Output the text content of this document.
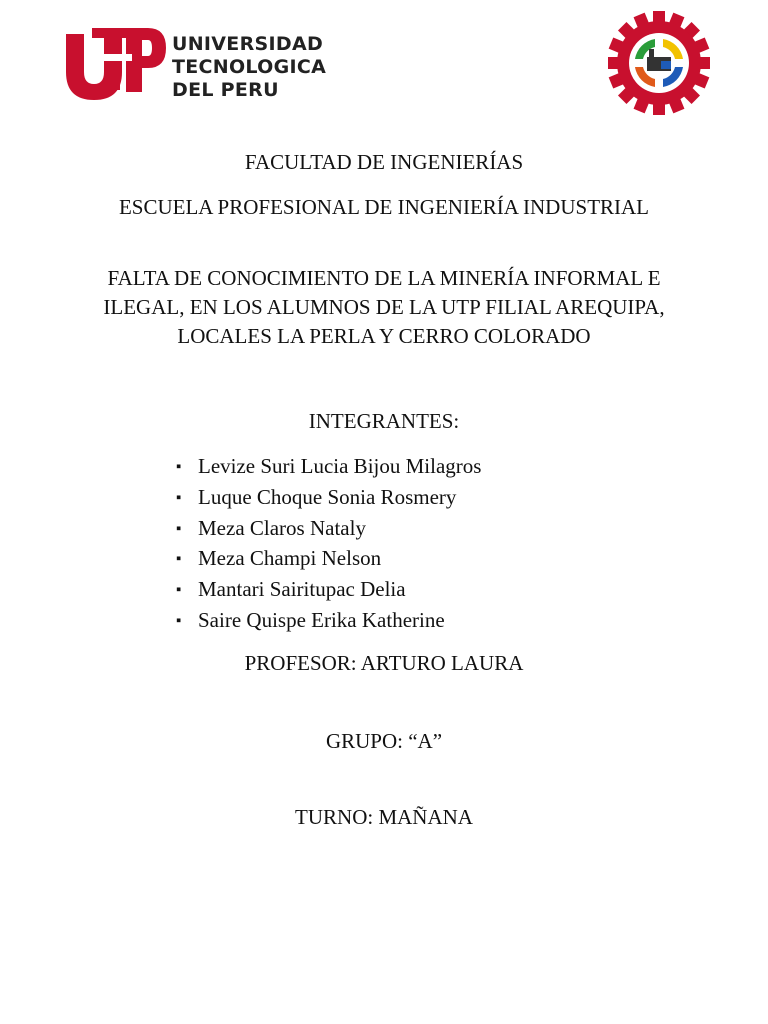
UNIVERSIDAD
TECNOLOGICA
DEL PERU
FACULTAD DE INGENIERÍAS
ESCUELA PROFESIONAL DE INGENIERÍA INDUSTRIAL
FALTA DE CONOCIMIENTO DE LA MINERÍA INFORMAL E ILEGAL, EN LOS ALUMNOS DE LA UTP FILIAL AREQUIPA, LOCALES LA PERLA Y CERRO COLORADO
INTEGRANTES:
▪ Levize Suri Lucia Bijou Milagros
▪ Luque Choque Sonia Rosmery
▪ Meza Claros Nataly
▪ Meza Champi Nelson
▪ Mantari Sairitupac Delia
▪ Saire Quispe Erika Katherine
PROFESOR: ARTURO LAURA
GRUPO: “A”
TURNO: MAÑANA
